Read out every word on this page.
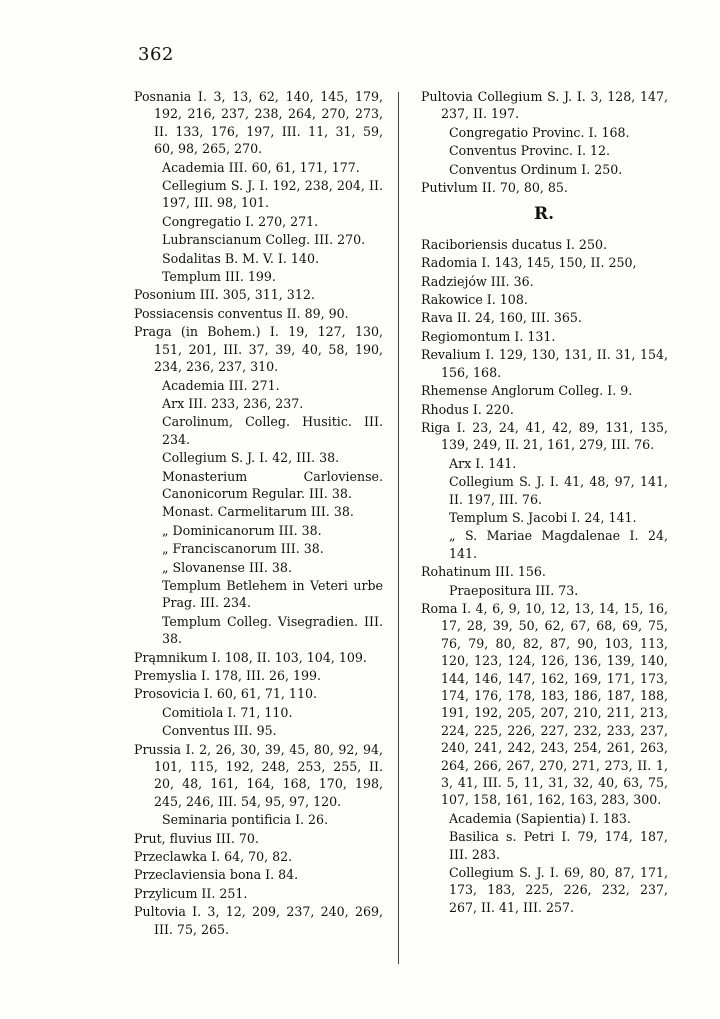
362
Posnania I. 3, 13, 62, 140, 145, 179, 192, 216, 237, 238, 264, 270, 273, II. 133, 176, 197, III. 11, 31, 59, 60, 98, 265, 270.
Academia III. 60, 61, 171, 177.
Cellegium S. J. I. 192, 238, 204, II. 197, III. 98, 101.
Congregatio I. 270, 271.
Lubranscianum Colleg. III. 270.
Sodalitas B. M. V. I. 140.
Templum III. 199.
Posonium III. 305, 311, 312.
Possiacensis conventus II. 89, 90.
Praga (in Bohem.) I. 19, 127, 130, 151, 201, III. 37, 39, 40, 58, 190, 234, 236, 237, 310.
Academia III. 271.
Arx III. 233, 236, 237.
Carolinum, Colleg. Husitic. III. 234.
Collegium S. J. I. 42, III. 38.
Monasterium Carloviense. Canonicorum Regular. III. 38.
Monast. Carmelitarum III. 38.
„ Dominicanorum III. 38.
„ Franciscanorum III. 38.
„ Slovanense III. 38.
Templum Betlehem in Veteri urbe Prag. III. 234.
Templum Colleg. Visegradien. III. 38.
Prąmnikum I. 108, II. 103, 104, 109.
Premyslia I. 178, III. 26, 199.
Prosovicia I. 60, 61, 71, 110.
Comitiola I. 71, 110.
Conventus III. 95.
Prussia I. 2, 26, 30, 39, 45, 80, 92, 94, 101, 115, 192, 248, 253, 255, II. 20, 48, 161, 164, 168, 170, 198, 245, 246, III. 54, 95, 97, 120.
Seminaria pontificia I. 26.
Prut, fluvius III. 70.
Przeclawka I. 64, 70, 82.
Przeclaviensia bona I. 84.
Przylicum II. 251.
Pultovia I. 3, 12, 209, 237, 240, 269, III. 75, 265.
Pultovia Collegium S. J. I. 3, 128, 147, 237, II. 197.
Congregatio Provinc. I. 168.
Conventus Provinc. I. 12.
Conventus Ordinum I. 250.
Putivlum II. 70, 80, 85.
R.
Raciboriensis ducatus I. 250.
Radomia I. 143, 145, 150, II. 250,
Radziejów III. 36.
Rakowice I. 108.
Rava II. 24, 160, III. 365.
Regiomontum I. 131.
Revalium I. 129, 130, 131, II. 31, 154, 156, 168.
Rhemense Anglorum Colleg. I. 9.
Rhodus I. 220.
Riga I. 23, 24, 41, 42, 89, 131, 135, 139, 249, II. 21, 161, 279, III. 76.
Arx I. 141.
Collegium S. J. I. 41, 48, 97, 141, II. 197, III. 76.
Templum S. Jacobi I. 24, 141.
„ S. Mariae Magdalenae I. 24, 141.
Rohatinum III. 156.
Praepositura III. 73.
Roma I. 4, 6, 9, 10, 12, 13, 14, 15, 16, 17, 28, 39, 50, 62, 67, 68, 69, 75, 76, 79, 80, 82, 87, 90, 103, 113, 120, 123, 124, 126, 136, 139, 140, 144, 146, 147, 162, 169, 171, 173, 174, 176, 178, 183, 186, 187, 188, 191, 192, 205, 207, 210, 211, 213, 224, 225, 226, 227, 232, 233, 237, 240, 241, 242, 243, 254, 261, 263, 264, 266, 267, 270, 271, 273, II. 1, 3, 41, III. 5, 11, 31, 32, 40, 63, 75, 107, 158, 161, 162, 163, 283, 300.
Academia (Sapientia) I. 183.
Basilica s. Petri I. 79, 174, 187, III. 283.
Collegium S. J. I. 69, 80, 87, 171, 173, 183, 225, 226, 232, 237, 267, II. 41, III. 257.
